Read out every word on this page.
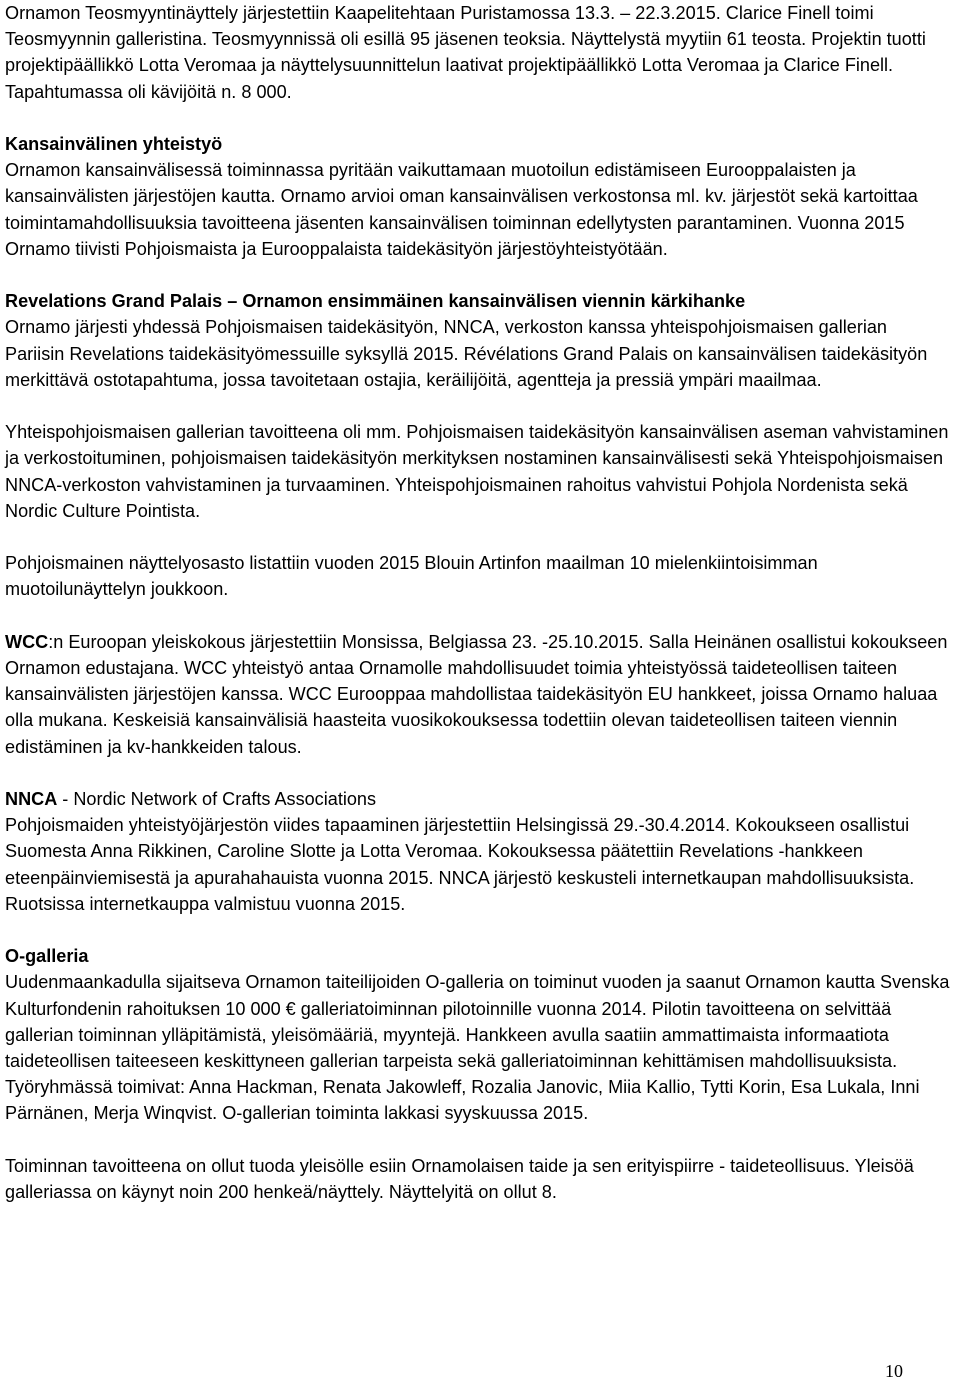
Ornamon Teosmyyntinäyttely järjestettiin Kaapelitehtaan Puristamossa 13.3. – 22.3.2015. Clarice Finell toimi Teosmyynnin galleristina. Teosmyynnissä oli esillä 95 jäsenen teoksia. Näyttelystä myytiin 61 teosta. Projektin tuotti projektipäällikkö Lotta Veromaa ja näyttelysuunnittelun laativat projektipäällikkö Lotta Veromaa ja Clarice Finell. Tapahtumassa oli kävijöitä n. 8 000.

Kansainvälinen yhteistyö
Ornamon kansainvälisessä toiminnassa pyritään vaikuttamaan muotoilun edistämiseen Eurooppalaisten ja kansainvälisten järjestöjen kautta. Ornamo arvioi oman kansainvälisen verkostonsa ml. kv. järjestöt sekä kartoittaa toimintamahdollisuuksia tavoitteena jäsenten kansainvälisen toiminnan edellytysten parantaminen. Vuonna 2015 Ornamo tiivisti Pohjoismaista ja Eurooppalaista taidekäsityön järjestöyhteistyötään.

Revelations Grand Palais – Ornamon ensimmäinen kansainvälisen viennin kärkihanke
Ornamo järjesti yhdessä Pohjoismaisen taidekäsityön, NNCA, verkoston kanssa yhteispohjoismaisen gallerian Pariisin Revelations taidekäsityömessuille syksyllä 2015. Révélations Grand Palais on kansainvälisen taidekäsityön merkittävä ostotapahtuma, jossa tavoitetaan ostajia, keräilijöitä, agentteja ja pressiä ympäri maailmaa.

Yhteispohjoismaisen gallerian tavoitteena oli mm. Pohjoismaisen taidekäsityön kansainvälisen aseman vahvistaminen ja verkostoituminen, pohjoismaisen taidekäsityön merkityksen nostaminen kansainvälisesti sekä Yhteispohjoismaisen NNCA-verkoston vahvistaminen ja turvaaminen. Yhteispohjoismainen rahoitus vahvistui Pohjola Nordenista sekä Nordic Culture Pointista.

Pohjoismainen näyttelyosasto listattiin vuoden 2015 Blouin Artinfon maailman 10 mielenkiintoisimman muotoilunäyttelyn joukkoon.

WCC:n Euroopan yleiskokous järjestettiin Monsissa, Belgiassa 23. -25.10.2015. Salla Heinänen osallistui kokoukseen Ornamon edustajana. WCC yhteistyö antaa Ornamolle mahdollisuudet toimia yhteistyössä taideteollisen taiteen kansainvälisten järjestöjen kanssa. WCC Eurooppaa mahdollistaa taidekäsityön EU hankkeet, joissa Ornamo haluaa olla mukana. Keskeisiä kansainvälisiä haasteita vuosikokouksessa todettiin olevan taideteollisen taiteen viennin edistäminen ja kv-hankkeiden talous.

NNCA - Nordic Network of Crafts Associations
Pohjoismaiden yhteistyöjärjestön viides tapaaminen järjestettiin Helsingissä 29.-30.4.2014. Kokoukseen osallistui Suomesta Anna Rikkinen, Caroline Slotte ja Lotta Veromaa. Kokouksessa päätettiin Revelations -hankkeen eteenpäinviemisestä ja apurahahauista vuonna 2015. NNCA järjestö keskusteli internetkaupan mahdollisuuksista. Ruotsissa internetkauppa valmistuu vuonna 2015.

O-galleria
Uudenmaankadulla sijaitseva Ornamon taiteilijoiden O-galleria on toiminut vuoden ja saanut Ornamon kautta Svenska Kulturfondenin rahoituksen 10 000 € galleriatoiminnan pilotoinnille vuonna 2014. Pilotin tavoitteena on selvittää gallerian toiminnan ylläpitämistä, yleisömääriä, myyntejä. Hankkeen avulla saatiin ammattimaista informaatiota taideteollisen taiteeseen keskittyneen gallerian tarpeista sekä galleriatoiminnan kehittämisen mahdollisuuksista. Työryhmässä toimivat: Anna Hackman, Renata Jakowleff, Rozalia Janovic, Miia Kallio, Tytti Korin, Esa Lukala, Inni Pärnänen, Merja Winqvist. O-gallerian toiminta lakkasi syyskuussa 2015.

Toiminnan tavoitteena on ollut tuoda yleisölle esiin Ornamolaisen taide ja sen erityispiirre - taideteollisuus. Yleisöä galleriassa on käynyt noin 200 henkeä/näyttely. Näyttelyitä on ollut 8.

10
